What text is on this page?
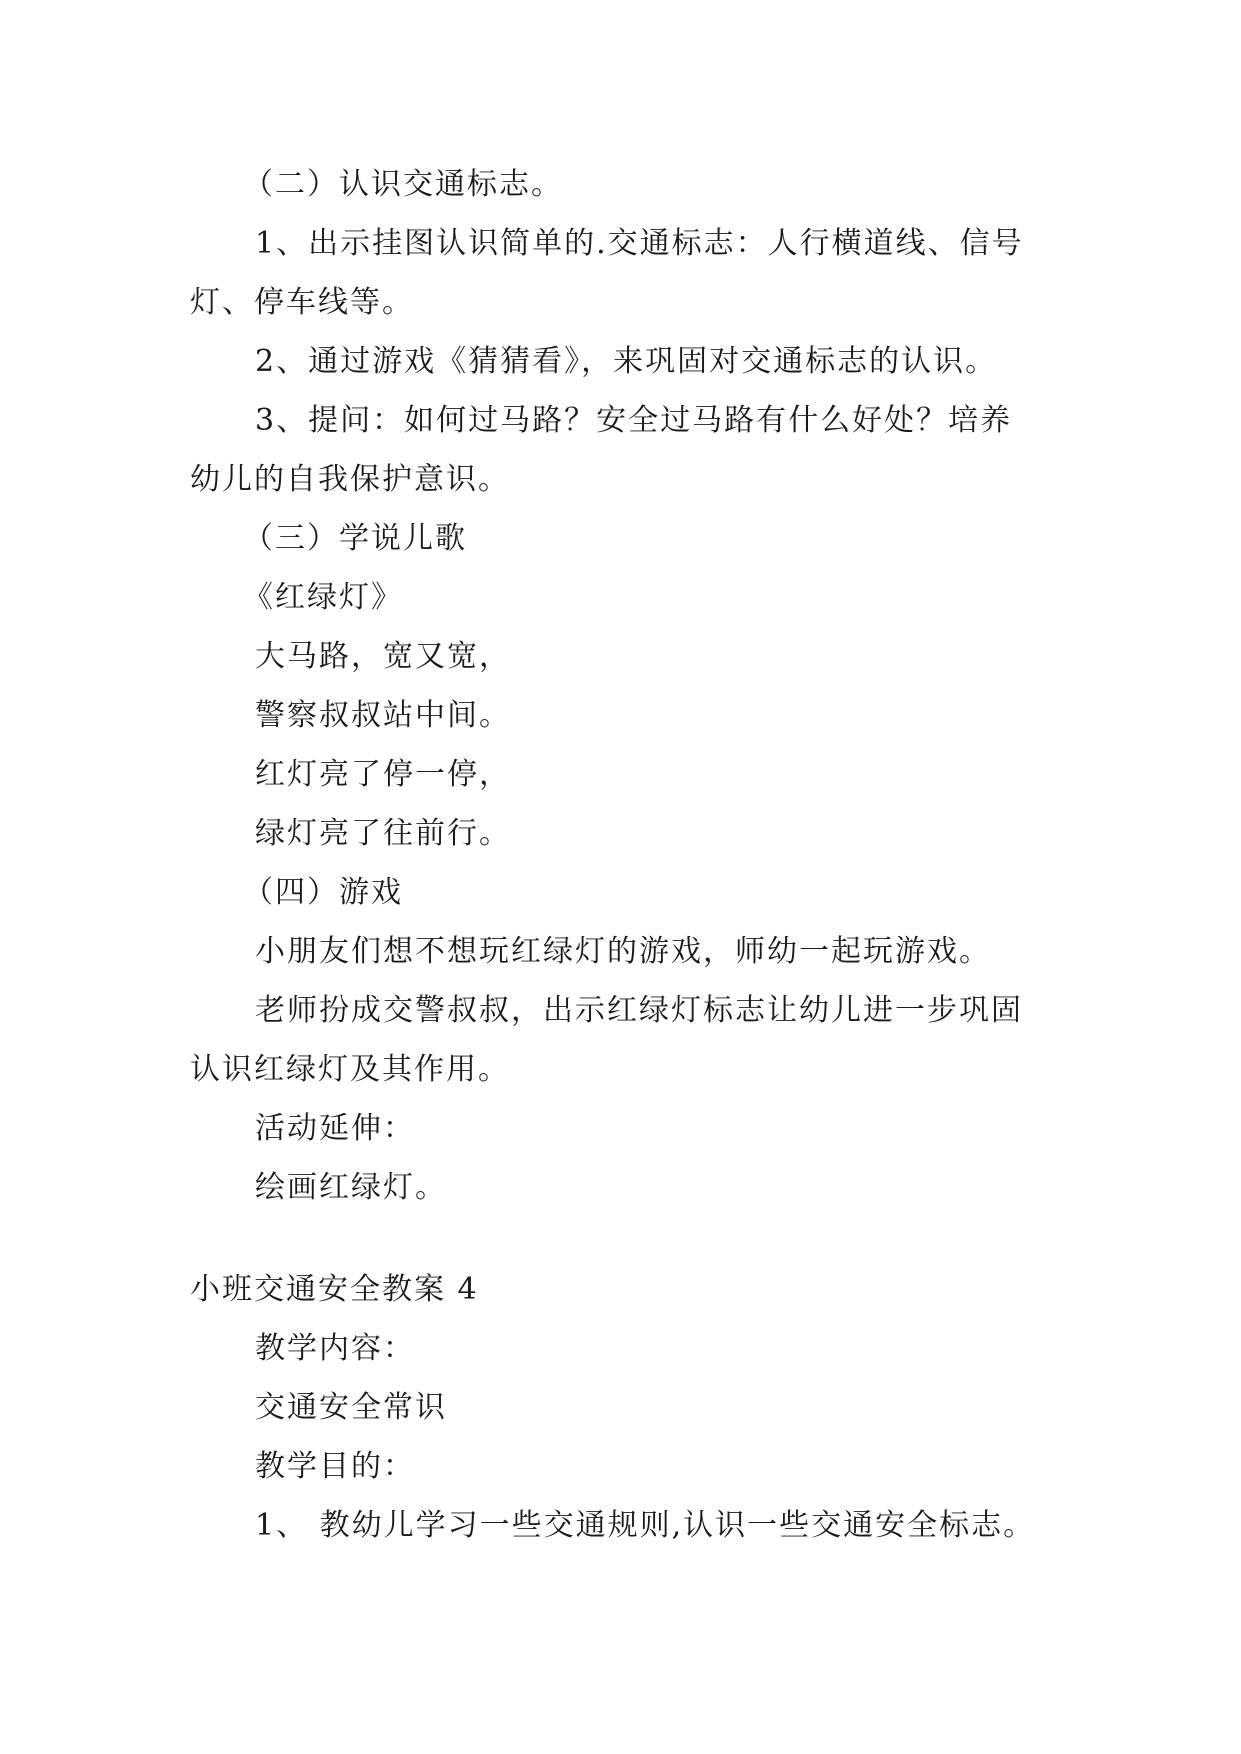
（二）认识交通标志。
1、出示挂图认识简单的.交通标志：人行横道线、信号
灯、停车线等。
2、通过游戏《猜猜看》，来巩固对交通标志的认识。
3、提问：如何过马路？安全过马路有什么好处？培养
幼儿的自我保护意识。
（三）学说儿歌
《红绿灯》
大马路，宽又宽，
警察叔叔站中间。
红灯亮了停一停，
绿灯亮了往前行。
（四）游戏
小朋友们想不想玩红绿灯的游戏，师幼一起玩游戏。
老师扮成交警叔叔，出示红绿灯标志让幼儿进一步巩固
认识红绿灯及其作用。
活动延伸：
绘画红绿灯。
小班交通安全教案 4
教学内容：
交通安全常识
教学目的：
1、 教幼儿学习一些交通规则,认识一些交通安全标志。
